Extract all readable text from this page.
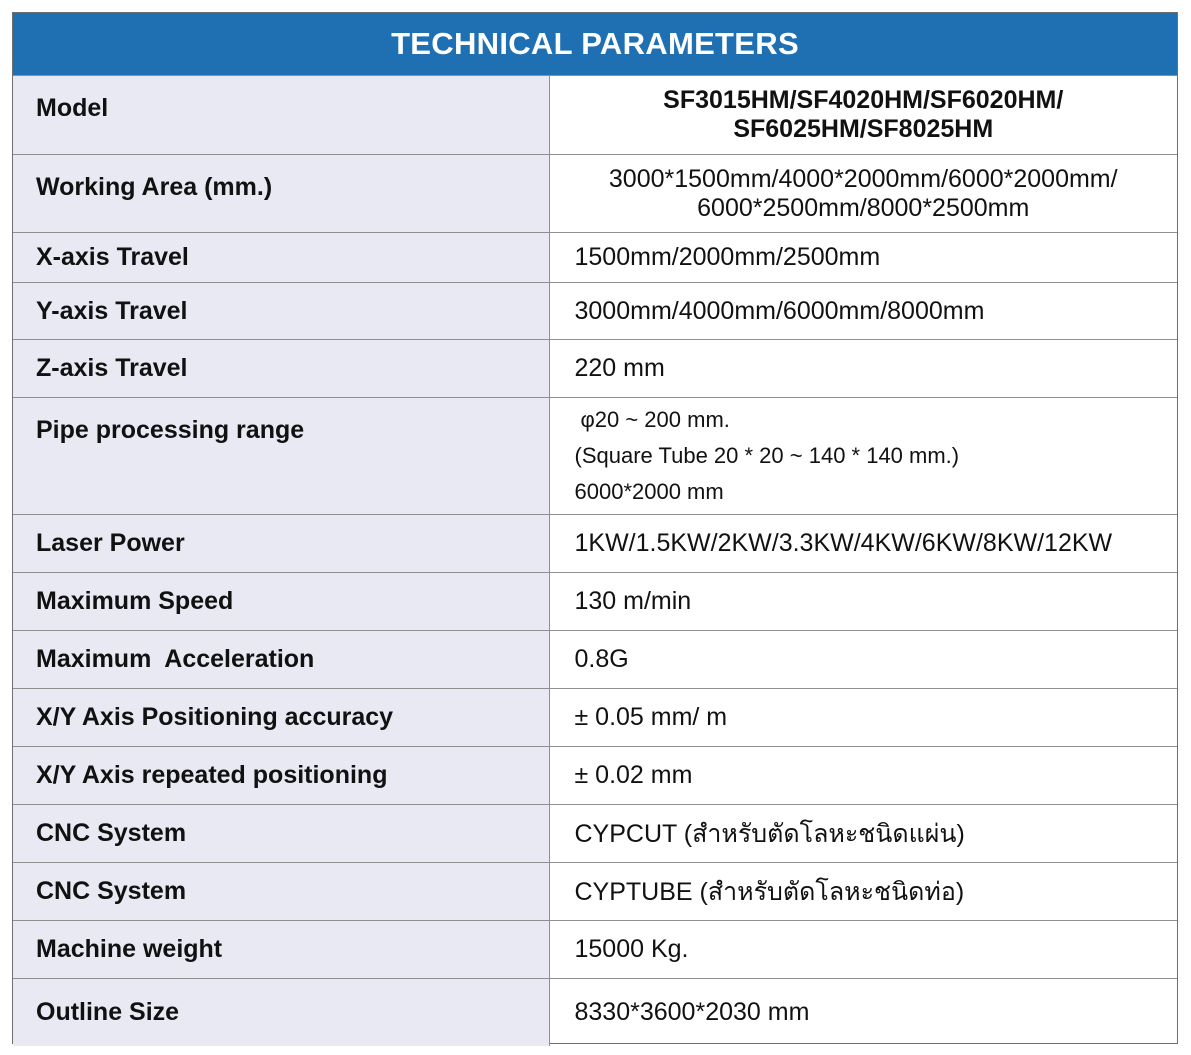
TECHNICAL PARAMETERS
Model	SF3015HM/SF4020HM/SF6020HM/
SF6025HM/SF8025HM

Working Area (mm.)	3000*1500mm/4000*2000mm/6000*2000mm/
6000*2500mm/8000*2500mm

X-axis Travel	1500mm/2000mm/2500mm
Y-axis Travel	3000mm/4000mm/6000mm/8000mm
Z-axis Travel	220 mm
Pipe processing range	φ20 ~ 200 mm.
(Square Tube 20 * 20 ~ 140 * 140 mm.)
6000*2000 mm

Laser Power	1KW/1.5KW/2KW/3.3KW/4KW/6KW/8KW/12KW
Maximum Speed	130 m/min
Maximum  Acceleration	0.8G
X/Y Axis Positioning accuracy	± 0.05 mm/ m
X/Y Axis repeated positioning	± 0.02 mm
CNC System	CYPCUT (สำหรับตัดโลหะชนิดแผ่น)
CNC System	CYPTUBE (สำหรับตัดโลหะชนิดท่อ)
Machine weight	15000 Kg.
Outline Size	8330*3600*2030 mm
